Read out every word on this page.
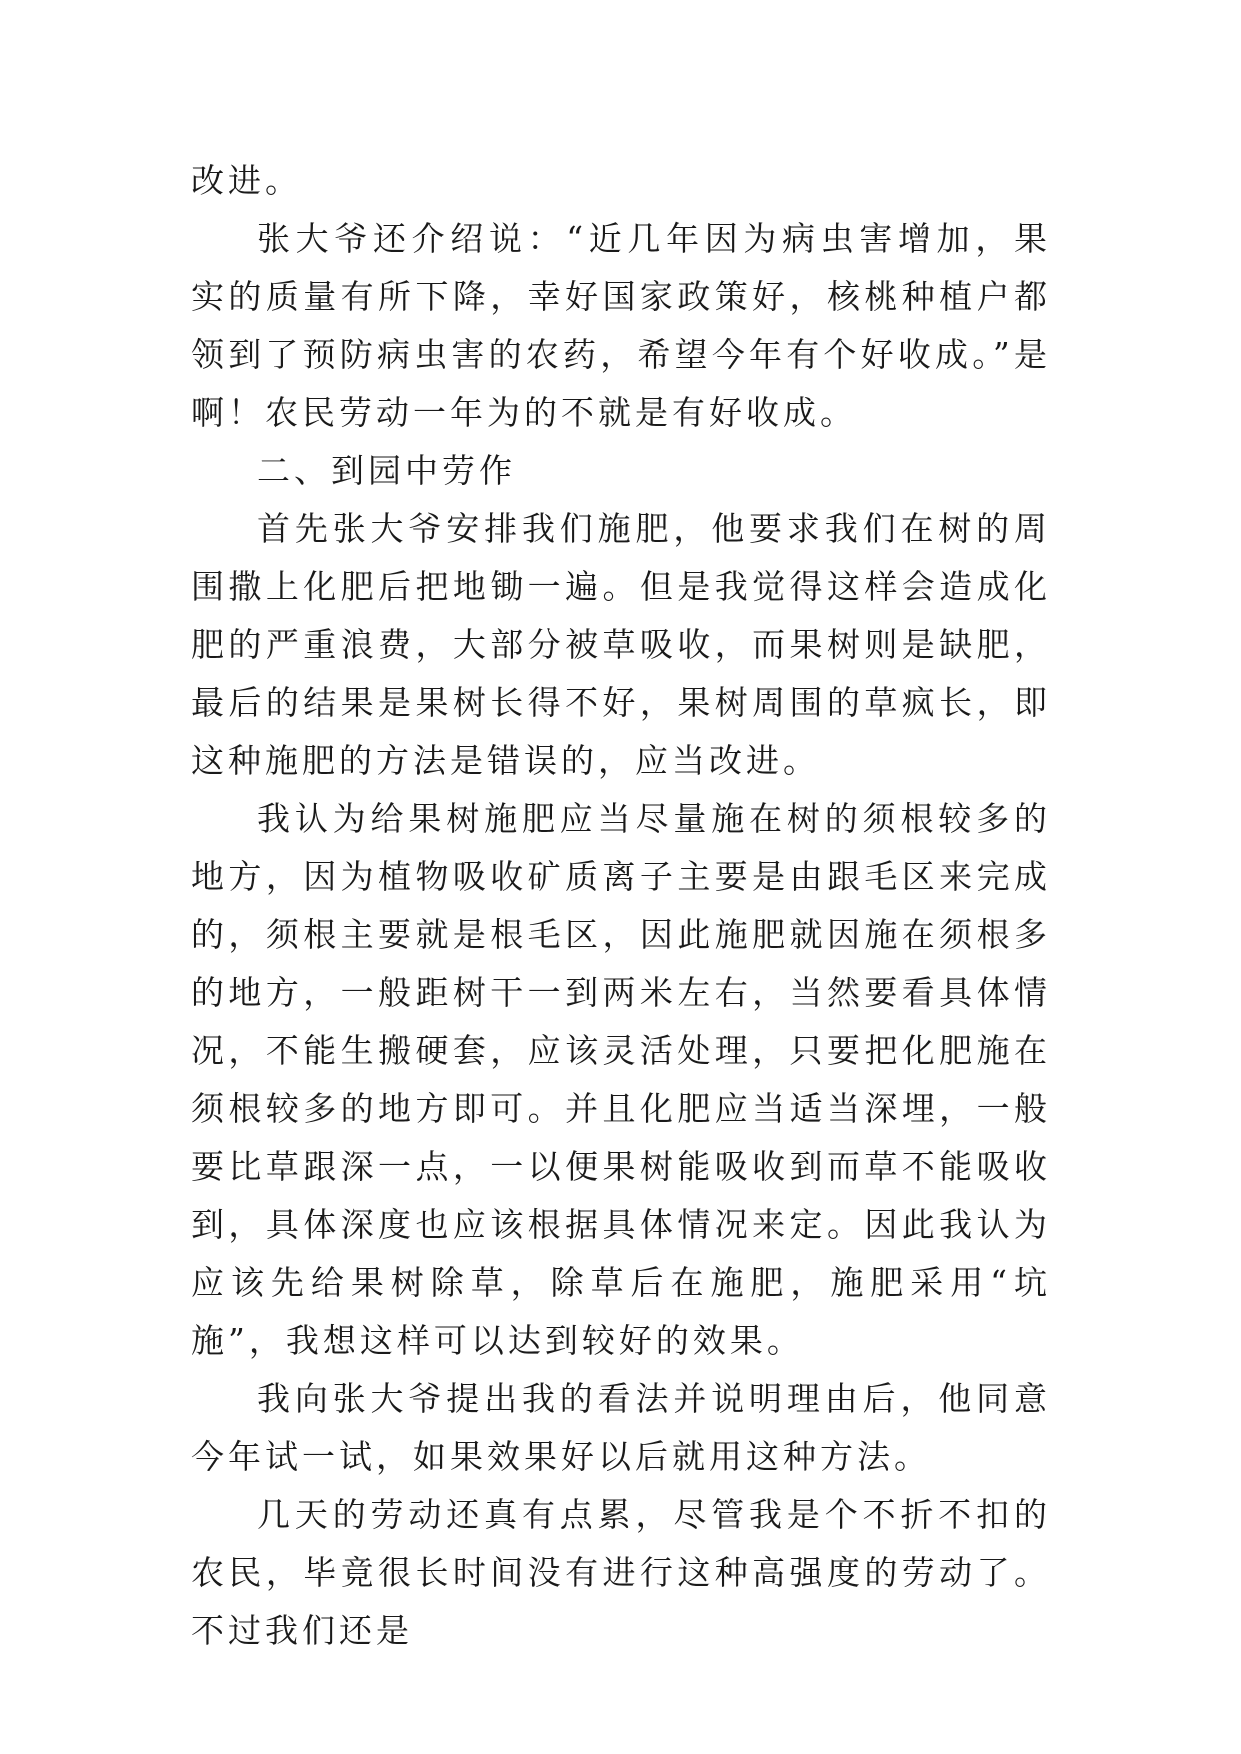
改进。

张大爷还介绍说：“近几年因为病虫害增加，果实的质量有所下降，幸好国家政策好，核桃种植户都领到了预防病虫害的农药，希望今年有个好收成。”是啊！农民劳动一年为的不就是有好收成。

二、到园中劳作

首先张大爷安排我们施肥，他要求我们在树的周围撒上化肥后把地锄一遍。但是我觉得这样会造成化肥的严重浪费，大部分被草吸收，而果树则是缺肥，最后的结果是果树长得不好，果树周围的草疯长，即这种施肥的方法是错误的，应当改进。

我认为给果树施肥应当尽量施在树的须根较多的地方，因为植物吸收矿质离子主要是由跟毛区来完成的，须根主要就是根毛区，因此施肥就因施在须根多的地方，一般距树干一到两米左右，当然要看具体情况，不能生搬硬套，应该灵活处理，只要把化肥施在须根较多的地方即可。并且化肥应当适当深埋，一般要比草跟深一点，一以便果树能吸收到而草不能吸收到，具体深度也应该根据具体情况来定。因此我认为应该先给果树除草，除草后在施肥，施肥采用“坑施”，我想这样可以达到较好的效果。

我向张大爷提出我的看法并说明理由后，他同意今年试一试，如果效果好以后就用这种方法。

几天的劳动还真有点累，尽管我是个不折不扣的农民，毕竟很长时间没有进行这种高强度的劳动了。不过我们还是
